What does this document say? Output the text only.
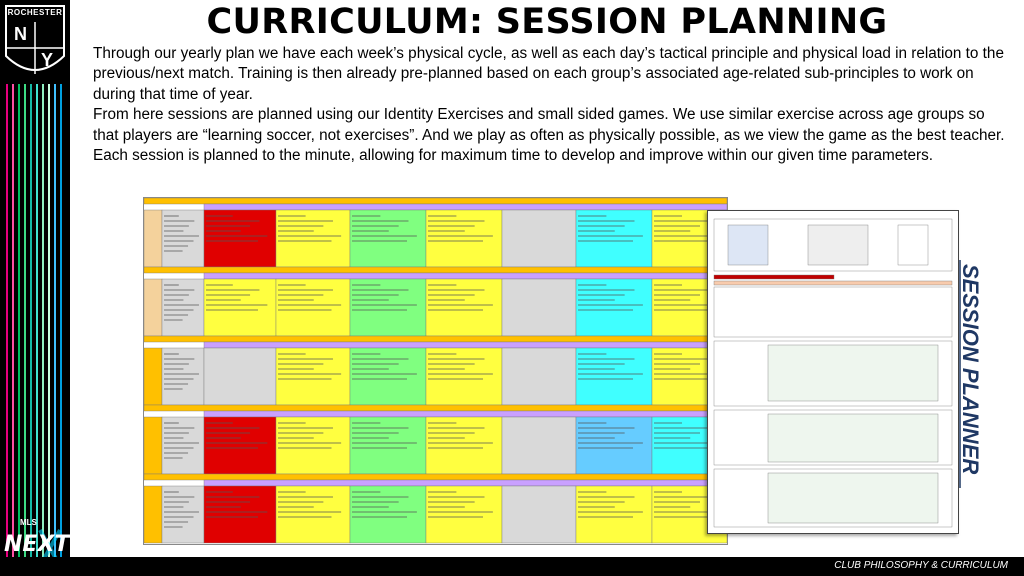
ROCHESTER
N
Y
MLS
NEXT
CURRICULUM: SESSION PLANNING

Through our yearly plan we have each week’s physical cycle, as well as each day’s tactical principle and physical load in relation to the previous/next match. Training is then already pre-planned based on each group’s associated age-related sub-principles to work on during that time of year.

From here sessions are planned using our Identity Exercises and small sided games. We use similar exercise across age groups so that players are “learning soccer, not exercises”. And we play as often as physically possible, as we view the game as the best teacher.

Each session is planned to the minute, allowing for maximum time to develop and improve within our given time parameters.

SESSION PLANNER
CLUB PHILOSOPHY & CURRICULUM
